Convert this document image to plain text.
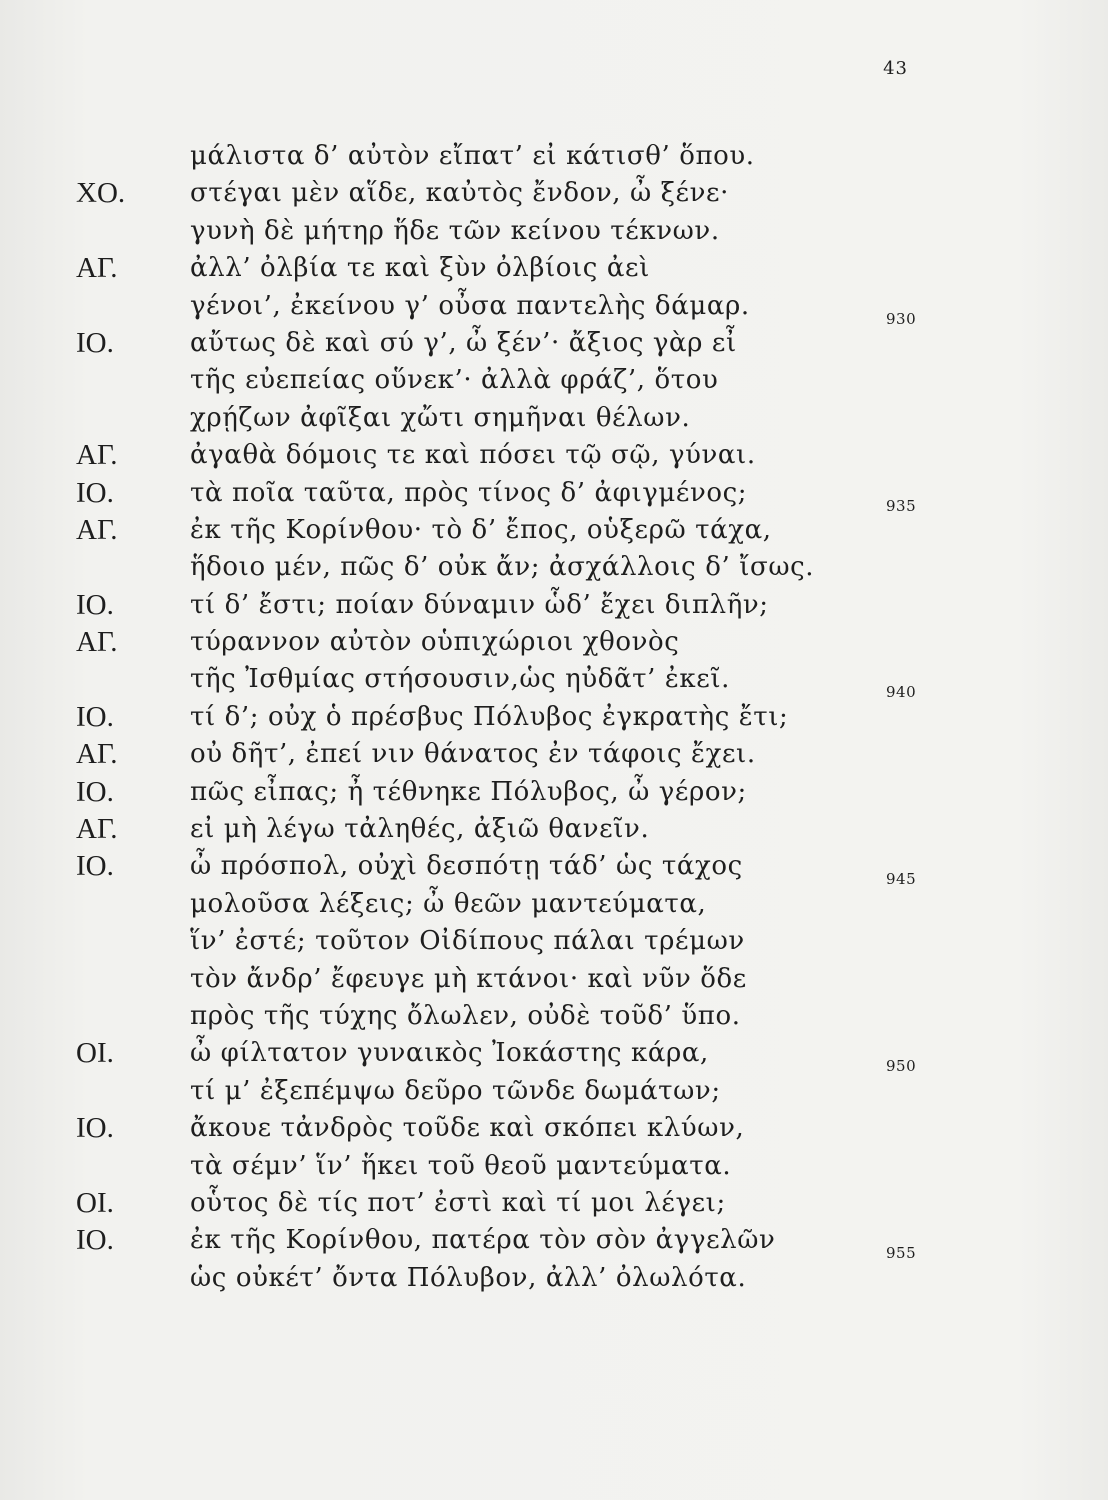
43
μάλιστα δ’ αὐτὸν εἴπατ’ εἰ κάτισθ’ ὅπου.
ΧΟ. στέγαι μὲν αἵδε, καὐτὸς ἔνδον, ὦ ξένε·
γυνὴ δὲ μήτηρ ἥδε τῶν κείνου τέκνων.
ΑΓ.	ἀλλ’ ὀλβία τε καὶ ξὺν ὀλβίοις ἀεὶ
γένοι’, ἐκείνου γ’ οὖσα παντελὴς δάμαρ.	930
ΙΟ.	αὔτως δὲ καὶ σύ γ’, ὦ ξέν’· ἄξιος γὰρ εἶ
τῆς εὐεπείας οὕνεκ’· ἀλλὰ φράζ’, ὅτου
χρῄζων ἀφῖξαι χὤτι σημῆναι θέλων.
ΑΓ.	ἀγαθὰ δόμοις τε καὶ πόσει τῷ σῷ, γύναι.
ΙΟ.	τὰ ποῖα ταῦτα, πρὸς τίνος δ’ ἀφιγμένος;	935
ΑΓ.	ἐκ τῆς Κορίνθου· τὸ δ’ ἔπος, οὑξερῶ τάχα,
ἥδοιο μέν, πῶς δ’ οὐκ ἄν; ἀσχάλλοις δ’ ἴσως.
ΙΟ.	τί δ’ ἔστι; ποίαν δύναμιν ὧδ’ ἔχει διπλῆν;
ΑΓ.	τύραννον αὐτὸν οὑπιχώριοι χθονὸς
τῆς Ἰσθμίας στήσουσιν,ὡς ηὐδᾶτ’ ἐκεῖ.	940
ΙΟ.	τί δ’; οὐχ ὁ πρέσβυς Πόλυβος ἐγκρατὴς ἔτι;
ΑΓ.	οὐ δῆτ’, ἐπεί νιν θάνατος ἐν τάφοις ἔχει.
ΙΟ.	πῶς εἶπας; ἦ τέθνηκε Πόλυβος, ὦ γέρον;
ΑΓ.	εἰ μὴ λέγω τἀληθές, ἀξιῶ θανεῖν.
ΙΟ.	ὦ πρόσπολ, οὐχὶ δεσπότῃ τάδ’ ὡς τάχος	945
μολοῦσα λέξεις; ὦ θεῶν μαντεύματα,
ἵν’ ἐστέ; τοῦτον Οἰδίπους πάλαι τρέμων
τὸν ἄνδρ’ ἔφευγε μὴ κτάνοι· καὶ νῦν ὅδε
πρὸς τῆς τύχης ὄλωλεν, οὐδὲ τοῦδ’ ὕπο.
ΟΙ.	ὦ φίλτατον γυναικὸς Ἰοκάστης κάρα,	950
τί μ’ ἐξεπέμψω δεῦρο τῶνδε δωμάτων;
ΙΟ.	ἄκουε τἀνδρὸς τοῦδε καὶ σκόπει κλύων,
τὰ σέμν’ ἵν’ ἥκει τοῦ θεοῦ μαντεύματα.
ΟΙ.	οὗτος δὲ τίς ποτ’ ἐστὶ καὶ τί μοι λέγει;
ΙΟ.	ἐκ τῆς Κορίνθου, πατέρα τὸν σὸν ἀγγελῶν	955
ὡς οὐκέτ’ ὄντα Πόλυβον, ἀλλ’ ὀλωλότα.
